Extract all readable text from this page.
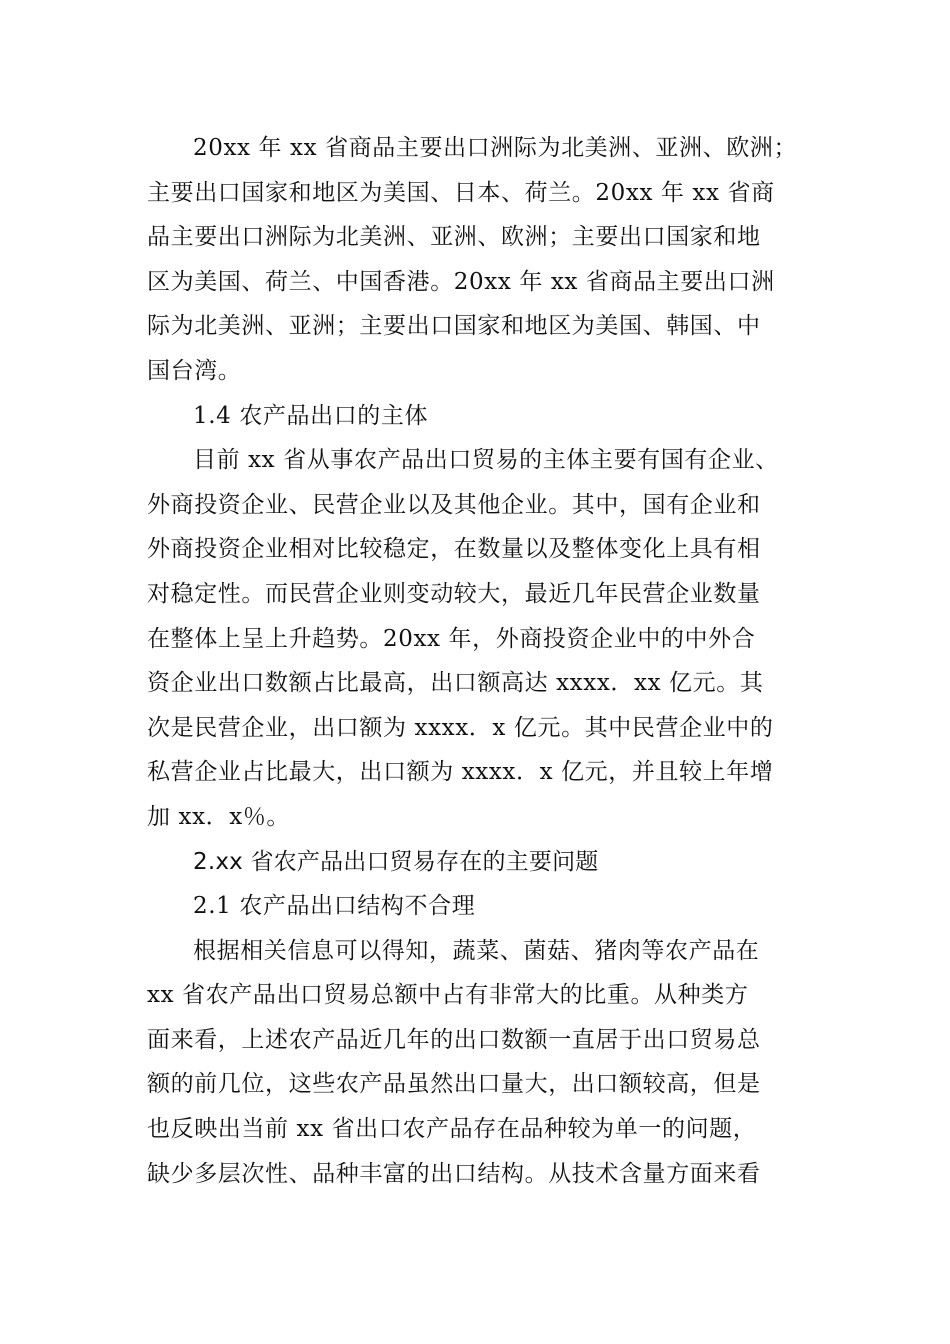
20xx 年 xx 省商品主要出口洲际为北美洲、亚洲、欧洲；
主要出口国家和地区为美国、日本、荷兰。20xx 年 xx 省商
品主要出口洲际为北美洲、亚洲、欧洲；主要出口国家和地
区为美国、荷兰、中国香港。20xx 年 xx 省商品主要出口洲
际为北美洲、亚洲；主要出口国家和地区为美国、韩国、中
国台湾。

1.4 农产品出口的主体

目前 xx 省从事农产品出口贸易的主体主要有国有企业、
外商投资企业、民营企业以及其他企业。其中，国有企业和
外商投资企业相对比较稳定，在数量以及整体变化上具有相
对稳定性。而民营企业则变动较大，最近几年民营企业数量
在整体上呈上升趋势。20xx 年，外商投资企业中的中外合
资企业出口数额占比最高，出口额高达 xxxx．xx 亿元。其
次是民营企业，出口额为 xxxx．x 亿元。其中民营企业中的
私营企业占比最大，出口额为 xxxx．x 亿元，并且较上年增
加 xx．x％。

2.xx 省农产品出口贸易存在的主要问题

2.1 农产品出口结构不合理

根据相关信息可以得知，蔬菜、菌菇、猪肉等农产品在
xx 省农产品出口贸易总额中占有非常大的比重。从种类方
面来看，上述农产品近几年的出口数额一直居于出口贸易总
额的前几位，这些农产品虽然出口量大，出口额较高，但是
也反映出当前 xx 省出口农产品存在品种较为单一的问题，
缺少多层次性、品种丰富的出口结构。从技术含量方面来看
